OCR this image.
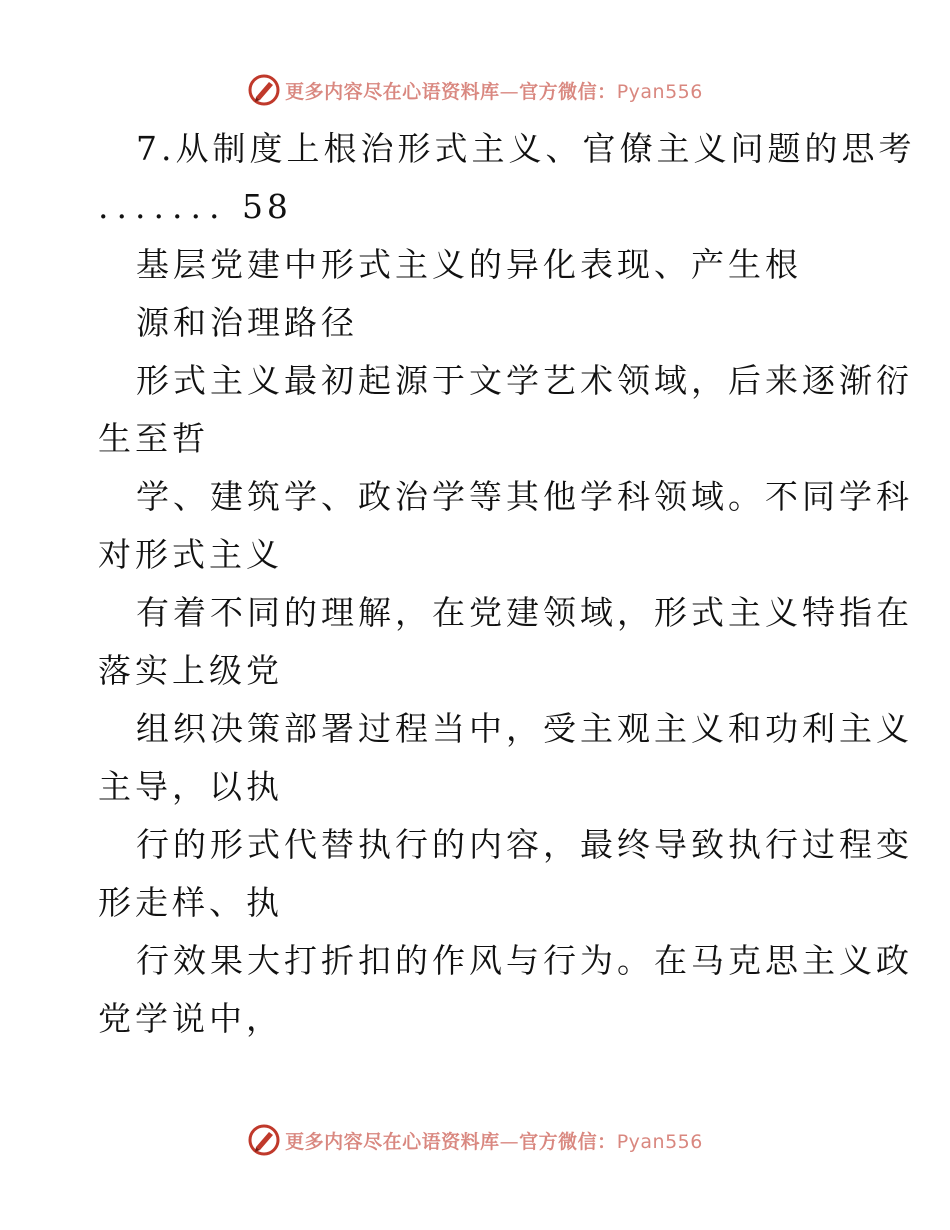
更多内容尽在心语资料库—官方微信：Pyan556
7.从制度上根治形式主义、官僚主义问题的思考
....... 58
基层党建中形式主义的异化表现、产生根
源和治理路径
形式主义最初起源于文学艺术领域，后来逐渐衍
生至哲
学、建筑学、政治学等其他学科领域。不同学科
对形式主义
有着不同的理解，在党建领域，形式主义特指在
落实上级党
组织决策部署过程当中，受主观主义和功利主义
主导，以执
行的形式代替执行的内容，最终导致执行过程变
形走样、执
行效果大打折扣的作风与行为。在马克思主义政
党学说中，
更多内容尽在心语资料库—官方微信：Pyan556
